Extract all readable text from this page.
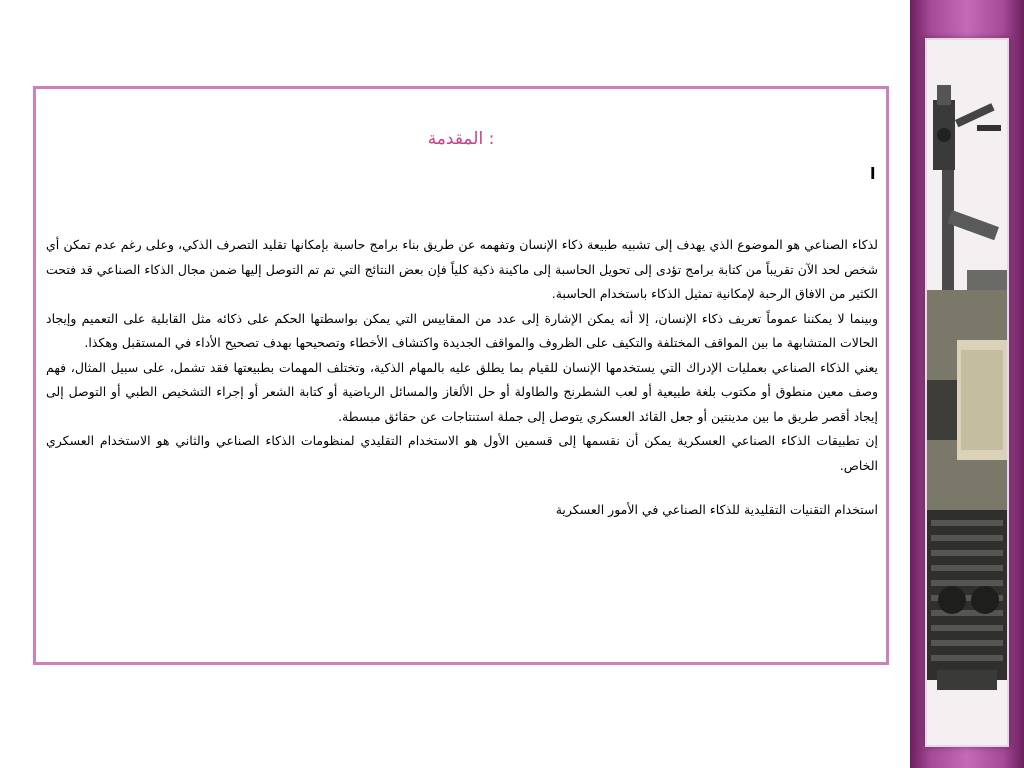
المقدمة :
ا

لذكاء الصناعي هو الموضوع الذي يهدف إلى تشبيه طبيعة ذكاء الإنسان وتفهمه عن طريق بناء برامج حاسبة بإمكانها تقليد التصرف الذكي، وعلى رغم عدم تمكن أي شخص لحد الآن تقريباً من كتابة برامج تؤدى إلى تحويل الحاسبة إلى ماكينة ذكية كلياً فإن بعض النتائج التي تم تم التوصل إليها ضمن مجال الذكاء الصناعي قد فتحت الكثير من الافاق الرحبة لإمكانية تمثيل الذكاء باستخدام الحاسبة.

وبينما لا يمكننا عموماً تعريف ذكاء الإنسان، إلا أنه يمكن الإشارة إلى عدد من المقاييس التي يمكن بواسطتها الحكم على ذكائه مثل القابلية على التعميم وإيجاد الحالات المتشابهة ما بين المواقف المختلفة والتكيف على الظروف والمواقف الجديدة واكتشاف الأخطاء وتصحيحها بهدف تصحيح الأداء في المستقبل وهكذا.

يعني الذكاء الصناعي بعمليات الإدراك التي يستخدمها الإنسان للقيام بما يطلق عليه بالمهام الذكية، وتختلف المهمات بطبيعتها فقد تشمل، على سبيل المثال، فهم وصف معين منطوق أو مكتوب بلغة طبيعية أو لعب الشطرنج والطاولة أو حل الألغاز والمسائل الرياضية أو كتابة الشعر أو إجراء التشخيص الطبي أو التوصل إلى إيجاد أقصر طريق ما بين مدينتين أو جعل القائد العسكري يتوصل إلى جملة استنتاجات عن حقائق مبسطة.

إن تطبيقات الذكاء الصناعي العسكرية يمكن أن نقسمها إلى قسمين الأول هو الاستخدام التقليدي لمنظومات الذكاء الصناعي والثاني هو الاستخدام العسكري الخاص.

استخدام التقنيات التقليدية للذكاء الصناعي في الأمور العسكرية
